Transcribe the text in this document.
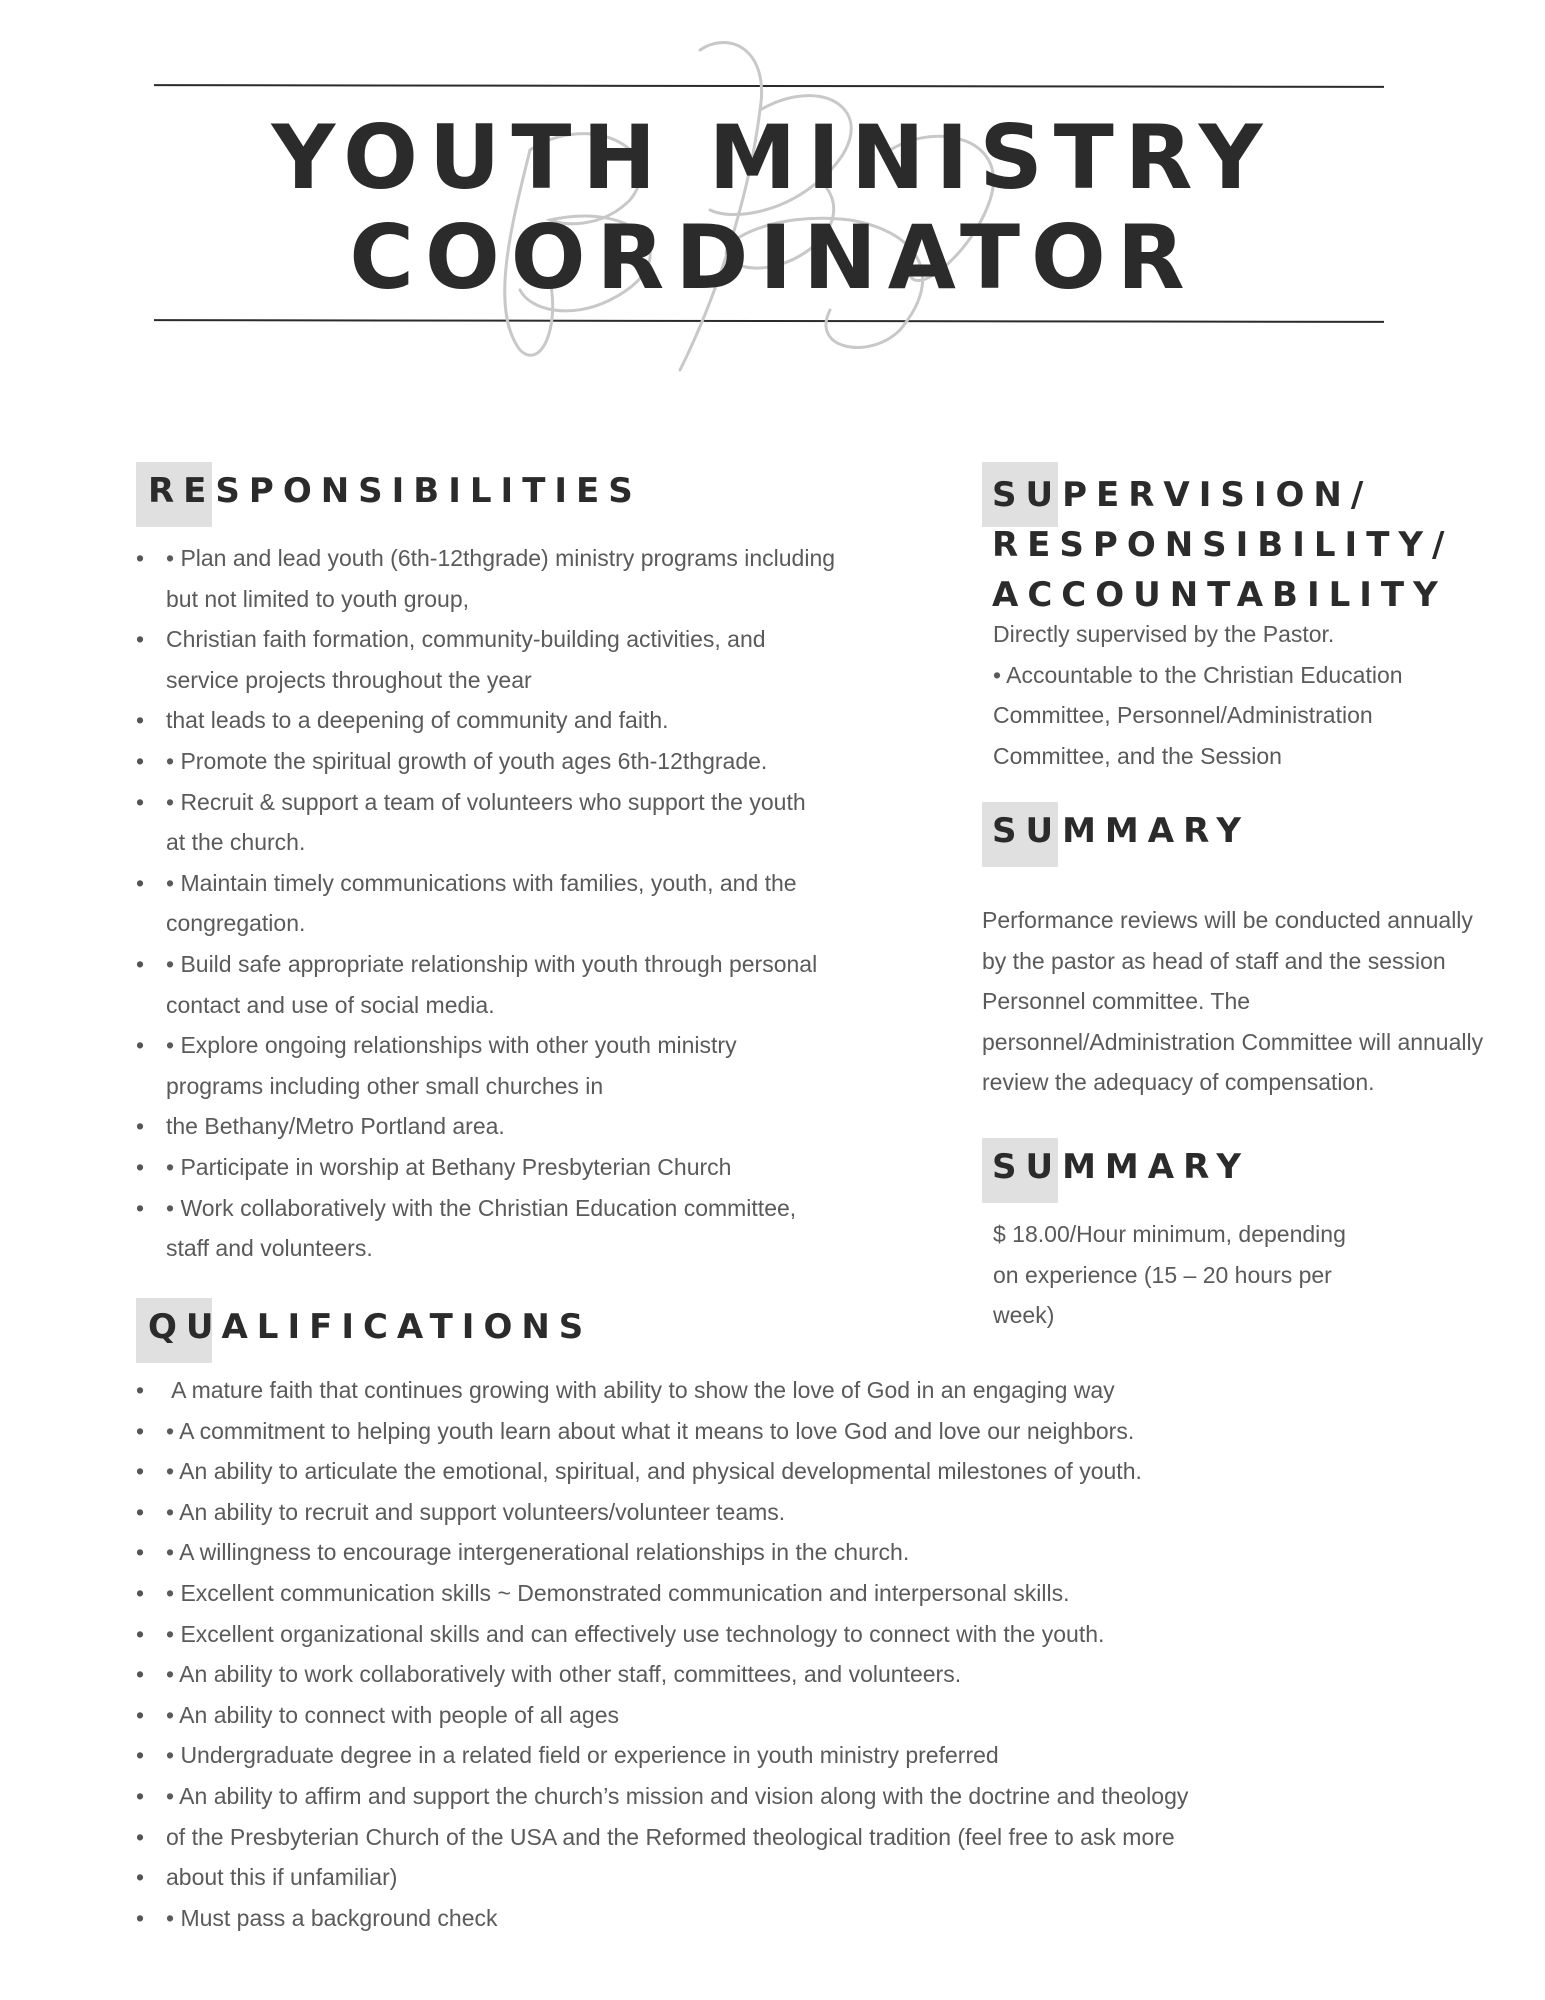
YOUTH MINISTRY
COORDINATOR
RESPONSIBILITIES
• • Plan and lead youth (6th-12thgrade) ministry programs including
but not limited to youth group,
• Christian faith formation, community-building activities, and
service projects throughout the year
• that leads to a deepening of community and faith.
• • Promote the spiritual growth of youth ages 6th-12thgrade.
• • Recruit & support a team of volunteers who support the youth
at the church.
• • Maintain timely communications with families, youth, and the
congregation.
• • Build safe appropriate relationship with youth through personal
contact and use of social media.
• • Explore ongoing relationships with other youth ministry
programs including other small churches in
• the Bethany/Metro Portland area.
• • Participate in worship at Bethany Presbyterian Church
• • Work collaboratively with the Christian Education committee,
staff and volunteers.
SUPERVISION/
RESPONSIBILITY/
ACCOUNTABILITY
Directly supervised by the Pastor.
• Accountable to the Christian Education
Committee, Personnel/Administration
Committee, and the Session
SUMMARY
Performance reviews will be conducted annually
by the pastor as head of staff and the session
Personnel committee. The
personnel/Administration Committee will annually
review the adequacy of compensation.
SUMMARY
$ 18.00/Hour minimum, depending
on experience (15 – 20 hours per
week)
QUALIFICATIONS
•  A mature faith that continues growing with ability to show the love of God in an engaging way
• • A commitment to helping youth learn about what it means to love God and love our neighbors.
• • An ability to articulate the emotional, spiritual, and physical developmental milestones of youth.
• • An ability to recruit and support volunteers/volunteer teams.
• • A willingness to encourage intergenerational relationships in the church.
• • Excellent communication skills ~ Demonstrated communication and interpersonal skills.
• • Excellent organizational skills and can effectively use technology to connect with the youth.
• • An ability to work collaboratively with other staff, committees, and volunteers.
• • An ability to connect with people of all ages
• • Undergraduate degree in a related field or experience in youth ministry preferred
• • An ability to affirm and support the church’s mission and vision along with the doctrine and theology
• of the Presbyterian Church of the USA and the Reformed theological tradition (feel free to ask more
• about this if unfamiliar)
• • Must pass a background check
